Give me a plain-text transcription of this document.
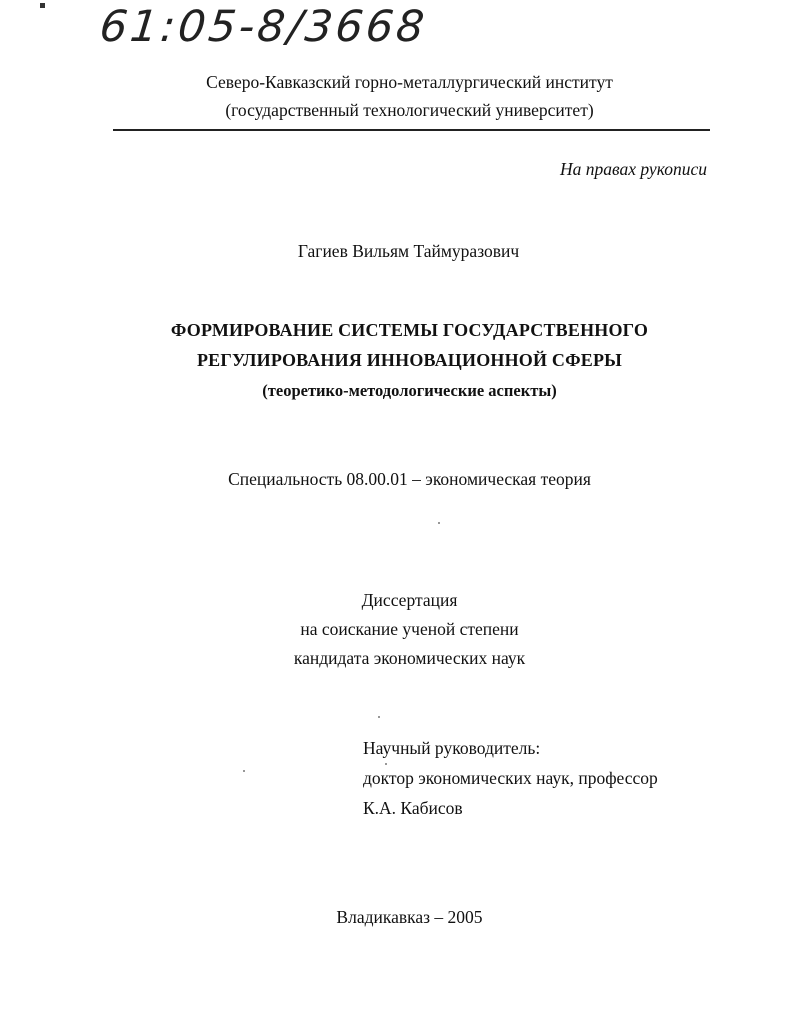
61:05-8/3668
Северо-Кавказский горно-металлургический институт
(государственный технологический университет)
На правах рукописи
Гагиев Вильям Таймуразович
ФОРМИРОВАНИЕ СИСТЕМЫ ГОСУДАРСТВЕННОГО
РЕГУЛИРОВАНИЯ ИННОВАЦИОННОЙ СФЕРЫ
(теоретико-методологические аспекты)
Специальность 08.00.01 – экономическая теория
Диссертация
на соискание ученой степени
кандидата экономических наук
Научный руководитель:
доктор экономических наук, профессор
К.А. Кабисов
Владикавказ – 2005
